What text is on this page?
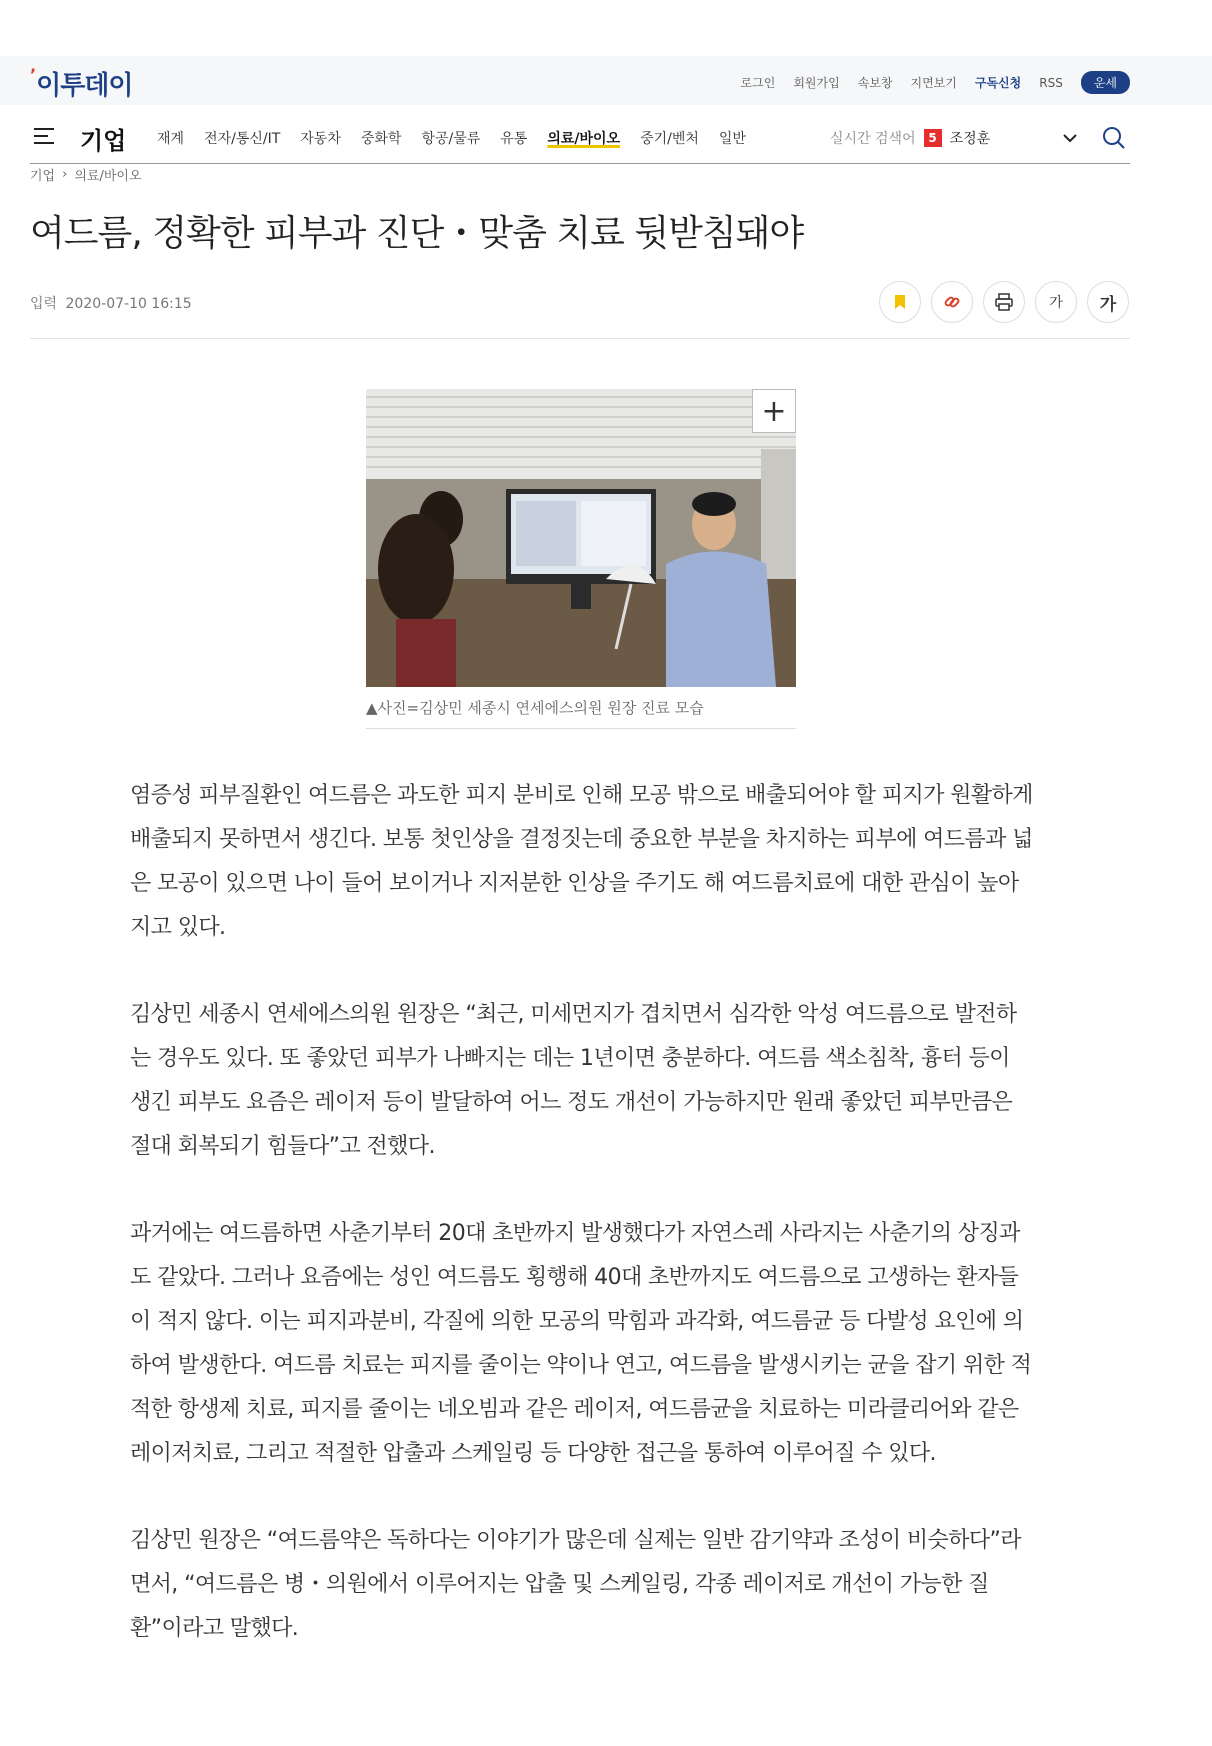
$^ʼ$이투데이	로그인 회원가입 속보창 지면보기 구독신청 RSS	운세
기업 재계 전자/통신/IT 자동차 중화학 항공/물류 유통 의료/바이오 중기/벤처 일반	실시간 검색어	5 조정훈
기업 › 의료/바이오
여드름, 정확한 피부과 진단・맞춤 치료 뒷받침돼야
입력 2020-07-10 16:15	가	가
+
▲사진=김상민 세종시 연세에스의원 원장 진료 모습

염증성 피부질환인 여드름은 과도한 피지 분비로 인해 모공 밖으로 배출되어야 할 피지가 원활하게 배출되지 못하면서 생긴다. 보통 첫인상을 결정짓는데 중요한 부분을 차지하는 피부에 여드름과 넓은 모공이 있으면 나이 들어 보이거나 지저분한 인상을 주기도 해 여드름치료에 대한 관심이 높아지고 있다.

김상민 세종시 연세에스의원 원장은 “최근, 미세먼지가 겹치면서 심각한 악성 여드름으로 발전하는 경우도 있다. 또 좋았던 피부가 나빠지는 데는 1년이면 충분하다. 여드름 색소침착, 흉터 등이 생긴 피부도 요즘은 레이저 등이 발달하여 어느 정도 개선이 가능하지만 원래 좋았던 피부만큼은 절대 회복되기 힘들다”고 전했다.

과거에는 여드름하면 사춘기부터 20대 초반까지 발생했다가 자연스레 사라지는 사춘기의 상징과도 같았다. 그러나 요즘에는 성인 여드름도 횡행해 40대 초반까지도 여드름으로 고생하는 환자들이 적지 않다. 이는 피지과분비, 각질에 의한 모공의 막힘과 과각화, 여드름균 등 다발성 요인에 의하여 발생한다. 여드름 치료는 피지를 줄이는 약이나 연고, 여드름을 발생시키는 균을 잡기 위한 적적한 항생제 치료, 피지를 줄이는 네오빔과 같은 레이저, 여드름균을 치료하는 미라클리어와 같은 레이저치료, 그리고 적절한 압출과 스케일링 등 다양한 접근을 통하여 이루어질 수 있다.

김상민 원장은 “여드름약은 독하다는 이야기가 많은데 실제는 일반 감기약과 조성이 비슷하다”라면서, “여드름은 병・의원에서 이루어지는 압출 및 스케일링, 각종 레이저로 개선이 가능한 질환”이라고 말했다.
